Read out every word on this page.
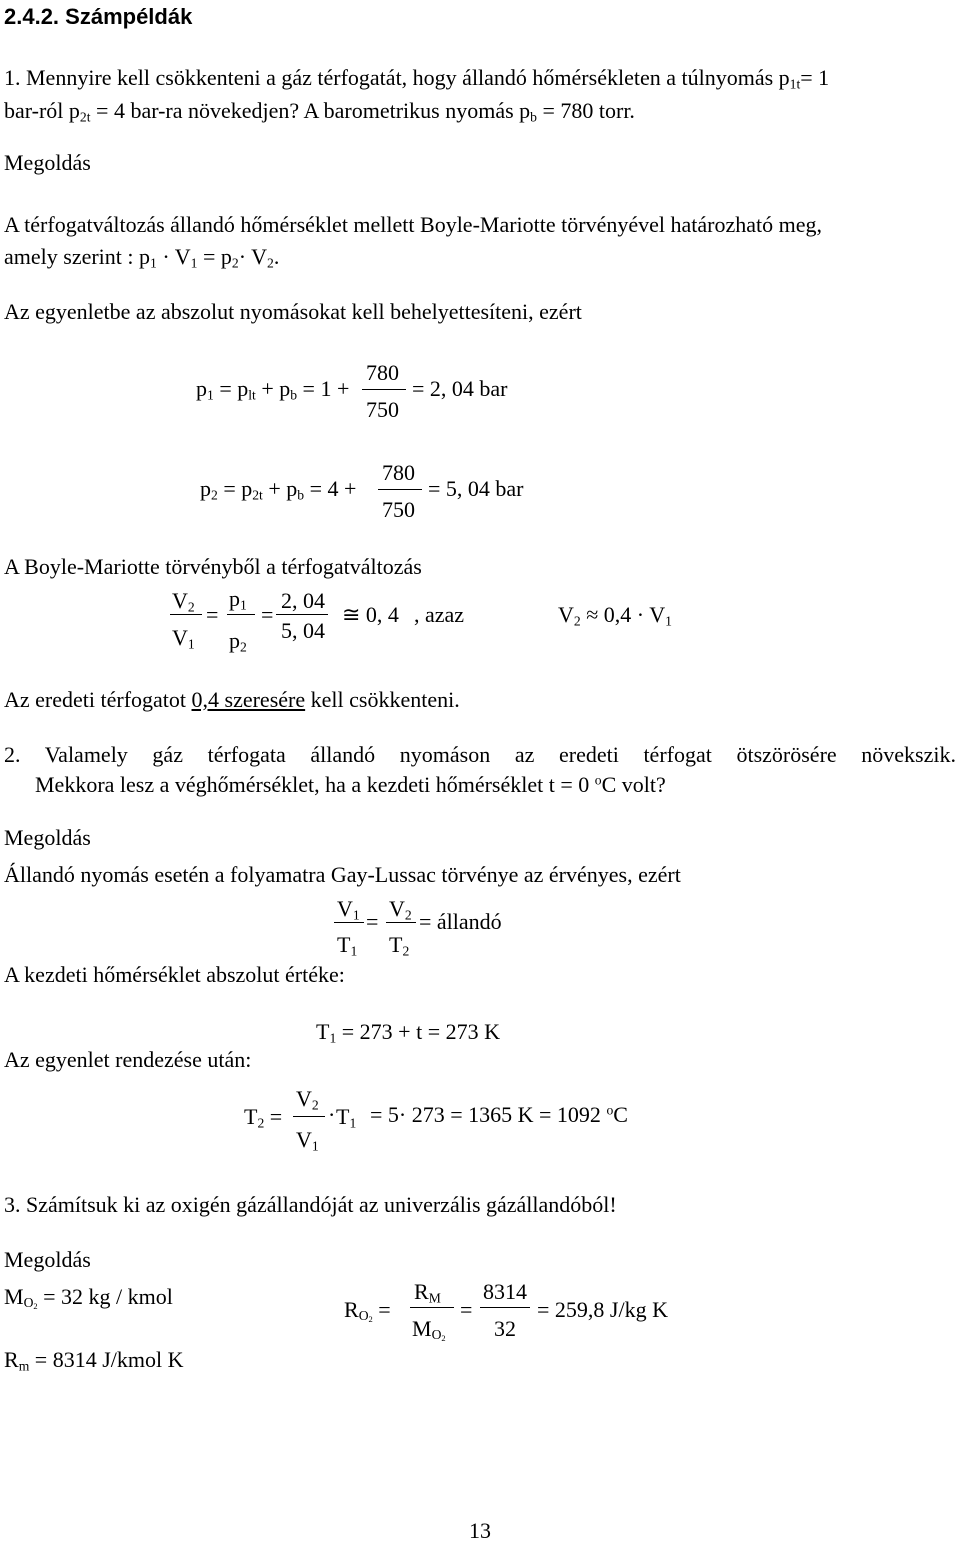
2.4.2. Számpéldák
1. Mennyire kell csökkenteni a gáz térfogatát, hogy állandó hőmérsékleten a túlnyomás $p_{1t}= 1$
bar-ról $p_{2t} = 4$ bar-ra növekedjen? A barometrikus nyomás $p_b = 780$ torr.
Megoldás
A térfogatváltozás állandó hőmérséklet mellett Boyle-Mariotte törvényével határozható meg,
amely szerint : $p_1 \cdot V_1 = p_2\cdot V_2$.
Az egyenletbe az abszolut nyomásokat kell behelyettesíteni, ezért
$p_1 = p_{lt} + p_b = 1$ +
780
750
= 2, 04 bar
$p_2 = p_{2t} + p_b = 4$ +
780
750
= 5, 04 bar
A Boyle-Mariotte törvényből a térfogatváltozás
$V_2$
$V_1$
=
$p_1$
$p_2$
=
2, 04
5, 04
≅ 0, 4 , azaz	$V_2 \approx 0,4 \cdot V_1$
Az eredeti térfogatot 0,4 szeresére kell csökkenteni.
2. Valamely gáz térfogata állandó nyomáson az eredeti térfogat ötszörösére növekszik.
Mekkora lesz a véghőmérséklet, ha a kezdeti hőmérséklet t = 0 $^o$C volt?
Megoldás
Állandó nyomás esetén a folyamatra Gay-Lussac törvénye az érvényes, ezért
$V_1$
$T_1$
=
$V_2$
$T_2$
= állandó
A kezdeti hőmérséklet abszolut értéke:
$T_1 = 273 + t = 273$ K
Az egyenlet rendezése után:
$T_2$ =
$V_2$
$V_1$
· $T_1 = 5\cdot 273 = 1365$ K = 1092 $^o$C
3. Számítsuk ki az oxigén gázállandóját az univerzális gázállandóból!
Megoldás
$M_{O_2} = 32$ kg / kmol
$R_m = 8314$ J/kmol K
$R_{O_2}$ =
$R_M$
$M_{O_2}$
=
8314
32
= 259,8 J/kg K
13
